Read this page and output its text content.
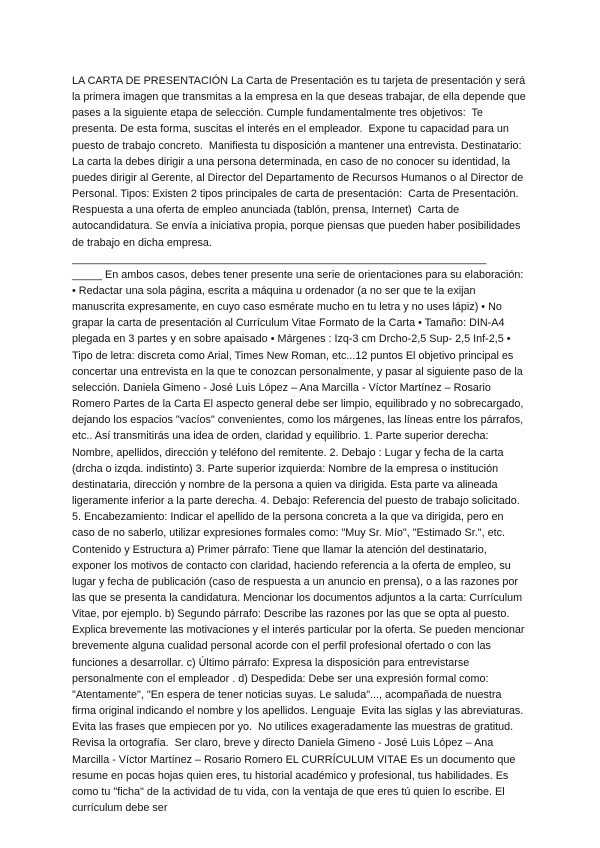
LA CARTA DE PRESENTACIÓN La Carta de Presentación es tu tarjeta de presentación y será la primera imagen que transmitas a la empresa en la que deseas trabajar, de ella depende que pases a la siguiente etapa de selección. Cumple fundamentalmente tres objetivos:  Te presenta. De esta forma, suscitas el interés en el empleador.  Expone tu capacidad para un puesto de trabajo concreto.  Manifiesta tu disposición a mantener una entrevista. Destinatario: La carta la debes dirigir a una persona determinada, en caso de no conocer su identidad, la puedes dirigir al Gerente, al Director del Departamento de Recursos Humanos o al Director de Personal. Tipos: Existen 2 tipos principales de carta de presentación:  Carta de Presentación. Respuesta a una oferta de empleo anunciada (tablón, prensa, Internet)  Carta de autocandidatura. Se envía a iniciativa propia, porque piensas que pueden haber posibilidades de trabajo en dicha empresa.

_____________________________________________________________________

_____ En ambos casos, debes tener presente una serie de orientaciones para su elaboración: • Redactar una sola página, escrita a máquina u ordenador (a no ser que te la exijan manuscrita expresamente, en cuyo caso esmérate mucho en tu letra y no uses lápiz) • No grapar la carta de presentación al Currículum Vitae Formato de la Carta • Tamaño: DIN-A4 plegada en 3 partes y en sobre apaisado • Márgenes : Izq-3 cm Drcho-2,5 Sup- 2,5 Inf-2,5 • Tipo de letra: discreta como Arial, Times New Roman, etc...12 puntos El objetivo principal es concertar una entrevista en la que te conozcan personalmente, y pasar al siguiente paso de la selección. Daniela Gimeno - José Luis López – Ana Marcilla - Víctor Martínez – Rosario Romero Partes de la Carta El aspecto general debe ser limpio, equilibrado y no sobrecargado, dejando los espacios "vacíos" convenientes, como los márgenes, las líneas entre los párrafos, etc.. Así transmitirás una idea de orden, claridad y equilibrio. 1. Parte superior derecha: Nombre, apellidos, dirección y teléfono del remitente. 2. Debajo : Lugar y fecha de la carta (drcha o izqda. indistinto) 3. Parte superior izquierda: Nombre de la empresa o institución destinataria, dirección y nombre de la persona a quien va dirigida. Esta parte va alineada ligeramente inferior a la parte derecha. 4. Debajo: Referencia del puesto de trabajo solicitado. 5. Encabezamiento: Indicar el apellido de la persona concreta a la que va dirigida, pero en caso de no saberlo, utilizar expresiones formales como: "Muy Sr. Mío", "Estimado Sr.", etc. Contenido y Estructura a) Primer párrafo: Tiene que llamar la atención del destinatario, exponer los motivos de contacto con claridad, haciendo referencia a la oferta de empleo, su lugar y fecha de publicación (caso de respuesta a un anuncio en prensa), o a las razones por las que se presenta la candidatura. Mencionar los documentos adjuntos a la carta: Currículum Vitae, por ejemplo. b) Segundo párrafo: Describe las razones por las que se opta al puesto. Explica brevemente las motivaciones y el interés particular por la oferta. Se pueden mencionar brevemente alguna cualidad personal acorde con el perfil profesional ofertado o con las funciones a desarrollar. c) Último párrafo: Expresa la disposición para entrevistarse personalmente con el empleador . d) Despedida: Debe ser una expresión formal como: "Atentamente", "En espera de tener noticias suyas. Le saluda"..., acompañada de nuestra firma original indicando el nombre y los apellidos. Lenguaje  Evita las siglas y las abreviaturas.  Evita las frases que empiecen por yo.  No utilices exageradamente las muestras de gratitud.  Revisa la ortografía.  Ser claro, breve y directo Daniela Gimeno - José Luis López – Ana Marcilla - Víctor Martínez – Rosario Romero EL CURRÍCULUM VITAE Es un documento que resume en pocas hojas quien eres, tu historial académico y profesional, tus habilidades. Es como tu "ficha" de la actividad de tu vida, con la ventaja de que eres tú quien lo escribe. El currículum debe ser
